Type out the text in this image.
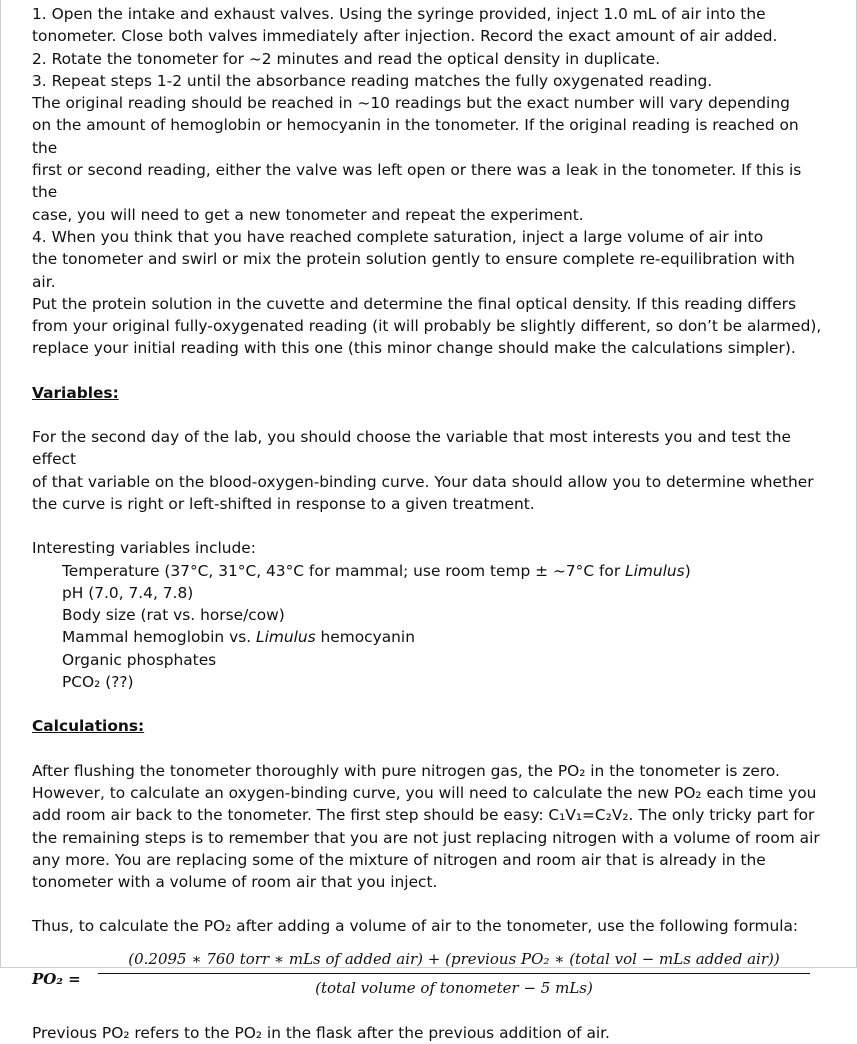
1. Open the intake and exhaust valves. Using the syringe provided, inject 1.0 mL of air into the

tonometer. Close both valves immediately after injection. Record the exact amount of air added.

2. Rotate the tonometer for ~2 minutes and read the optical density in duplicate.

3. Repeat steps 1-2 until the absorbance reading matches the fully oxygenated reading.

The original reading should be reached in ~10 readings but the exact number will vary depending

on the amount of hemoglobin or hemocyanin in the tonometer. If the original reading is reached on the

first or second reading, either the valve was left open or there was a leak in the tonometer. If this is the

case, you will need to get a new tonometer and repeat the experiment.

4. When you think that you have reached complete saturation, inject a large volume of air into

the tonometer and swirl or mix the protein solution gently to ensure complete re-equilibration with air.

Put the protein solution in the cuvette and determine the final optical density. If this reading differs

from your original fully-oxygenated reading (it will probably be slightly different, so don’t be alarmed),

replace your initial reading with this one (this minor change should make the calculations simpler).

Variables:

For the second day of the lab, you should choose the variable that most interests you and test the effect

of that variable on the blood-oxygen-binding curve. Your data should allow you to determine whether

the curve is right or left-shifted in response to a given treatment.

Interesting variables include:

Temperature (37°C, 31°C, 43°C for mammal; use room temp ± ~7°C for Limulus)

pH (7.0, 7.4, 7.8)

Body size (rat vs. horse/cow)

Mammal hemoglobin vs. Limulus hemocyanin

Organic phosphates

PCO₂ (??)

Calculations:

After flushing the tonometer thoroughly with pure nitrogen gas, the PO₂ in the tonometer is zero.

However, to calculate an oxygen-binding curve, you will need to calculate the new PO₂ each time you

add room air back to the tonometer. The first step should be easy: C₁V₁=C₂V₂. The only tricky part for

the remaining steps is to remember that you are not just replacing nitrogen with a volume of room air

any more. You are replacing some of the mixture of nitrogen and room air that is already in the

tonometer with a volume of room air that you inject.

Thus, to calculate the PO₂ after adding a volume of air to the tonometer, use the following formula:

PO₂ =
(0.2095 ∗ 760 torr ∗ mLs of added air) + (previous PO₂ ∗ (total vol − mLs added air))
(total volume of tonometer − 5 mLs)

Previous PO₂ refers to the PO₂ in the flask after the previous addition of air.
